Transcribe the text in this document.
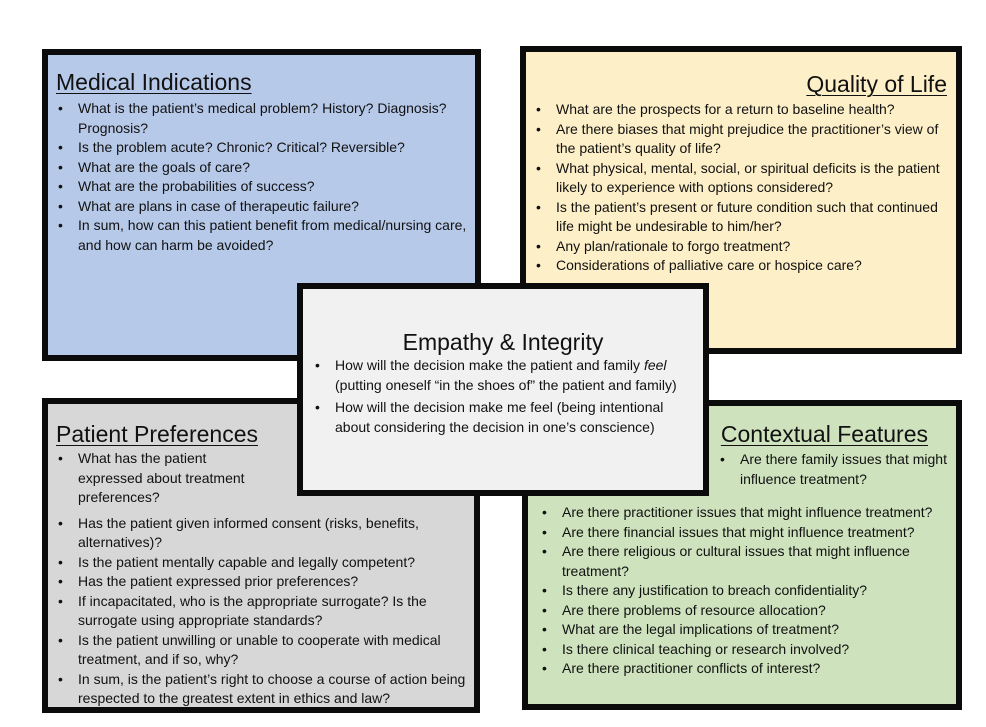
Medical Indications
• What is the patient’s medical problem? History? Diagnosis? Prognosis?
• Is the problem acute? Chronic? Critical? Reversible?
• What are the goals of care?
• What are the probabilities of success?
• What are plans in case of therapeutic failure?
• In sum, how can this patient benefit from medical/nursing care, and how can harm be avoided?
Quality of Life
• What are the prospects for a return to baseline health?
• Are there biases that might prejudice the practitioner’s view of the patient’s quality of life?
• What physical, mental, social, or spiritual deficits is the patient likely to experience with options considered?
• Is the patient’s present or future condition such that continued life might be undesirable to him/her?
• Any plan/rationale to forgo treatment?
• Considerations of palliative care or hospice care?
Patient Preferences
• What has the patient expressed about treatment preferences?
• Has the patient given informed consent (risks, benefits, alternatives)?
• Is the patient mentally capable and legally competent?
• Has the patient expressed prior preferences?
• If incapacitated, who is the appropriate surrogate? Is the surrogate using appropriate standards?
• Is the patient unwilling or unable to cooperate with medical treatment, and if so, why?
• In sum, is the patient’s right to choose a course of action being respected to the greatest extent in ethics and law?
Contextual Features
• Are there family issues that might influence treatment?
• Are there practitioner issues that might influence treatment?
• Are there financial issues that might influence treatment?
• Are there religious or cultural issues that might influence treatment?
• Is there any justification to breach confidentiality?
• Are there problems of resource allocation?
• What are the legal implications of treatment?
• Is there clinical teaching or research involved?
• Are there practitioner conflicts of interest?
Empathy & Integrity
• How will the decision make the patient and family feel (putting oneself “in the shoes of” the patient and family)
• How will the decision make me feel (being intentional about considering the decision in one’s conscience)
